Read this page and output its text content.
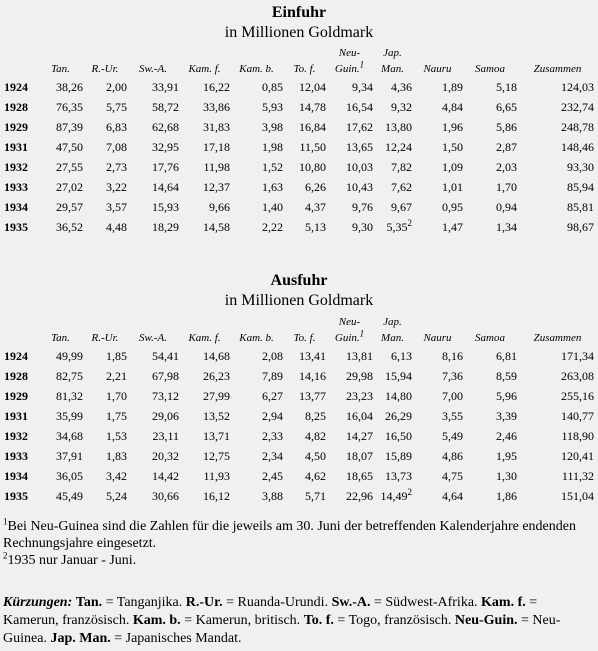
Einfuhr
in Millionen Goldmark
	Tan.	R.-Ur.	Sw.-A.	Kam. f.	Kam. b.	To. f.	Neu-Guin.$^1$	Jap. Man.	Nauru	Samoa	Zusammen
1924	38,26	2,00	33,91	16,22	0,85	12,04	9,34	4,36	1,89	5,18	124,03
1928	76,35	5,75	58,72	33,86	5,93	14,78	16,54	9,32	4,84	6,65	232,74
1929	87,39	6,83	62,68	31,83	3,98	16,84	17,62	13,80	1,96	5,86	248,78
1931	47,50	7,08	32,95	17,18	1,98	11,50	13,65	12,24	1,50	2,87	148,46
1932	27,55	2,73	17,76	11,98	1,52	10,80	10,03	7,82	1,09	2,03	93,30
1933	27,02	3,22	14,64	12,37	1,63	6,26	10,43	7,62	1,01	1,70	85,94
1934	29,57	3,57	15,93	9,66	1,40	4,37	9,76	9,67	0,95	0,94	85,81
1935	36,52	4,48	18,29	14,58	2,22	5,13	9,30	5,35$^2$	1,47	1,34	98,67
Ausfuhr
in Millionen Goldmark
	Tan.	R.-Ur.	Sw.-A.	Kam. f.	Kam. b.	To. f.	Neu-Guin.$^1$	Jap. Man.	Nauru	Samoa	Zusammen
1924	49,99	1,85	54,41	14,68	2,08	13,41	13,81	6,13	8,16	6,81	171,34
1928	82,75	2,21	67,98	26,23	7,89	14,16	29,98	15,94	7,36	8,59	263,08
1929	81,32	1,70	73,12	27,99	6,27	13,77	23,23	14,80	7,00	5,96	255,16
1931	35,99	1,75	29,06	13,52	2,94	8,25	16,04	26,29	3,55	3,39	140,77
1932	34,68	1,53	23,11	13,71	2,33	4,82	14,27	16,50	5,49	2,46	118,90
1933	37,91	1,83	20,32	12,75	2,34	4,50	18,07	15,89	4,86	1,95	120,41
1934	36,05	3,42	14,42	11,93	2,45	4,62	18,65	13,73	4,75	1,30	111,32
1935	45,49	5,24	30,66	16,12	3,88	5,71	22,96	14,49$^2$	4,64	1,86	151,04

$^1$Bei Neu-Guinea sind die Zahlen für die jeweils am 30. Juni der betreffenden Kalenderjahre endenden Rechnungsjahre eingesetzt.

$^2$1935 nur Januar - Juni.

Kürzungen: Tan. = Tanganjika. R.-Ur. = Ruanda-Urundi. Sw.-A. = Südwest-Afrika. Kam. f. = Kamerun, französisch. Kam. b. = Kamerun, britisch. To. f. = Togo, französisch. Neu-Guin. = Neu-Guinea. Jap. Man. = Japanisches Mandat.
